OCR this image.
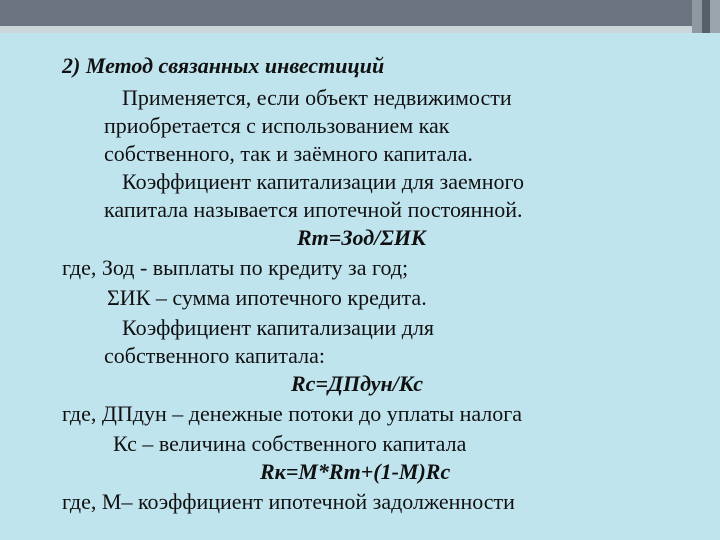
2) Метод связанных инвестиций
Применяется, если объект недвижимости
приобретается с использованием как
собственного, так и заёмного капитала.
Коэффициент капитализации для заемного
капитала называется ипотечной постоянной.
Rm=Зод/ΣИК
где, Зод - выплаты по кредиту за год;
ΣИК – сумма ипотечного кредита.
Коэффициент капитализации для
собственного капитала:
Rc=ДПдун/Кс
где, ДПдун – денежные потоки до уплаты налога
Кс – величина собственного капитала
Rк=M*Rm+(1-M)Rc
где, М– коэффициент ипотечной задолженности
